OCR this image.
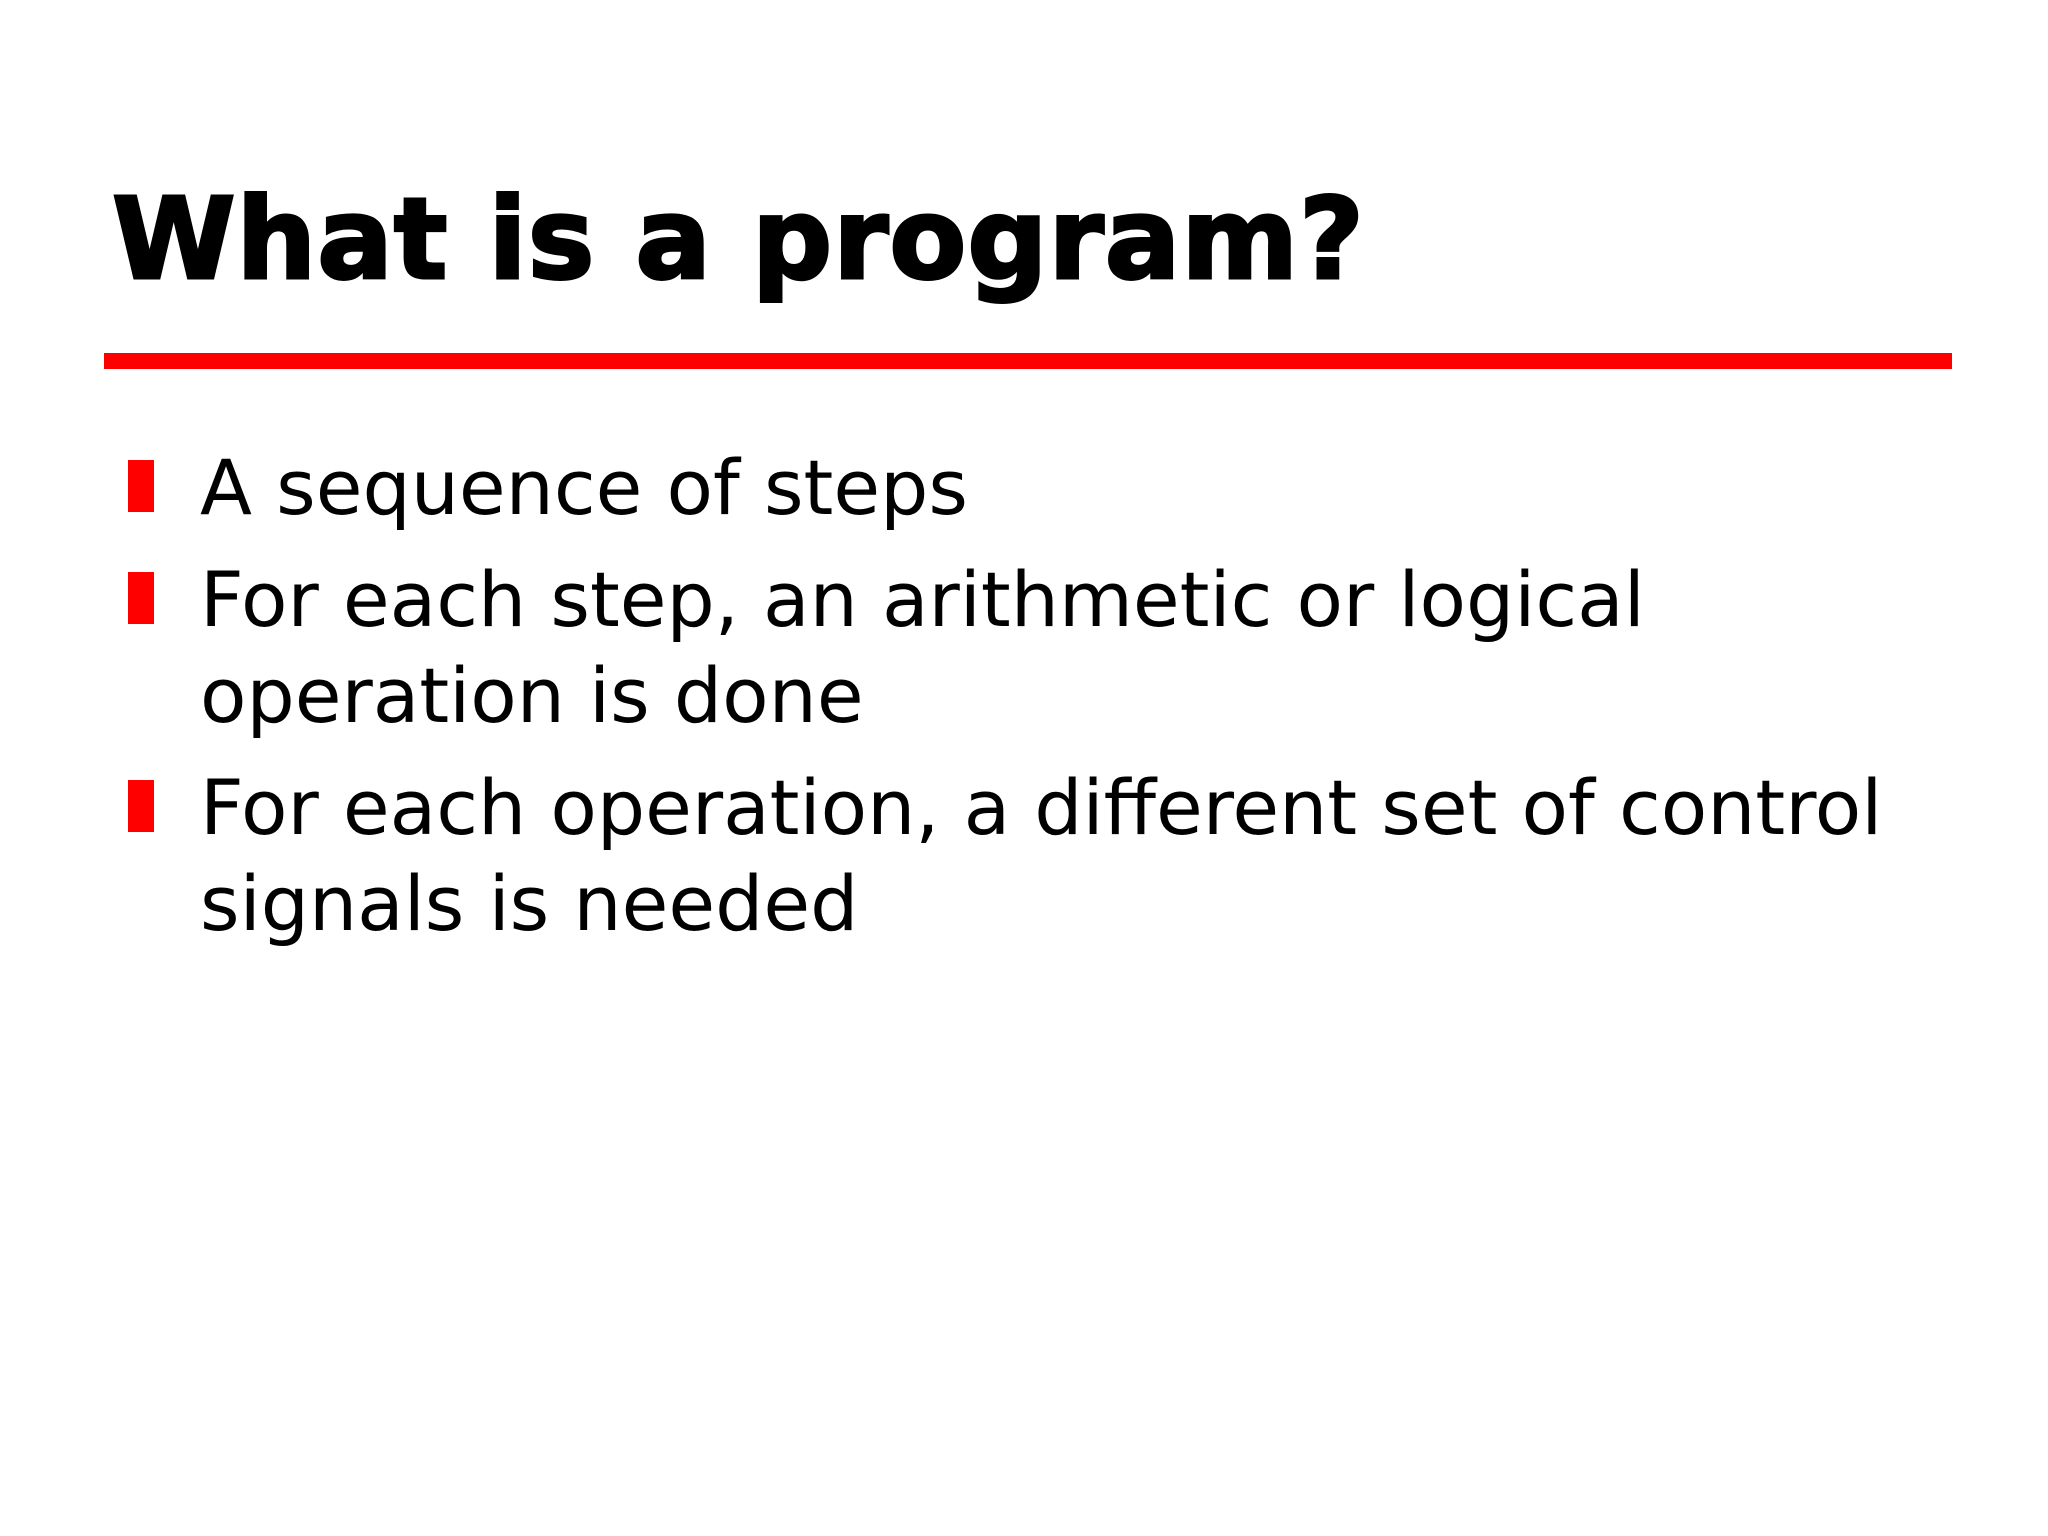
What is a program?
A sequence of steps
For each step, an arithmetic or logical operation is done
For each operation, a different set of control signals is needed
